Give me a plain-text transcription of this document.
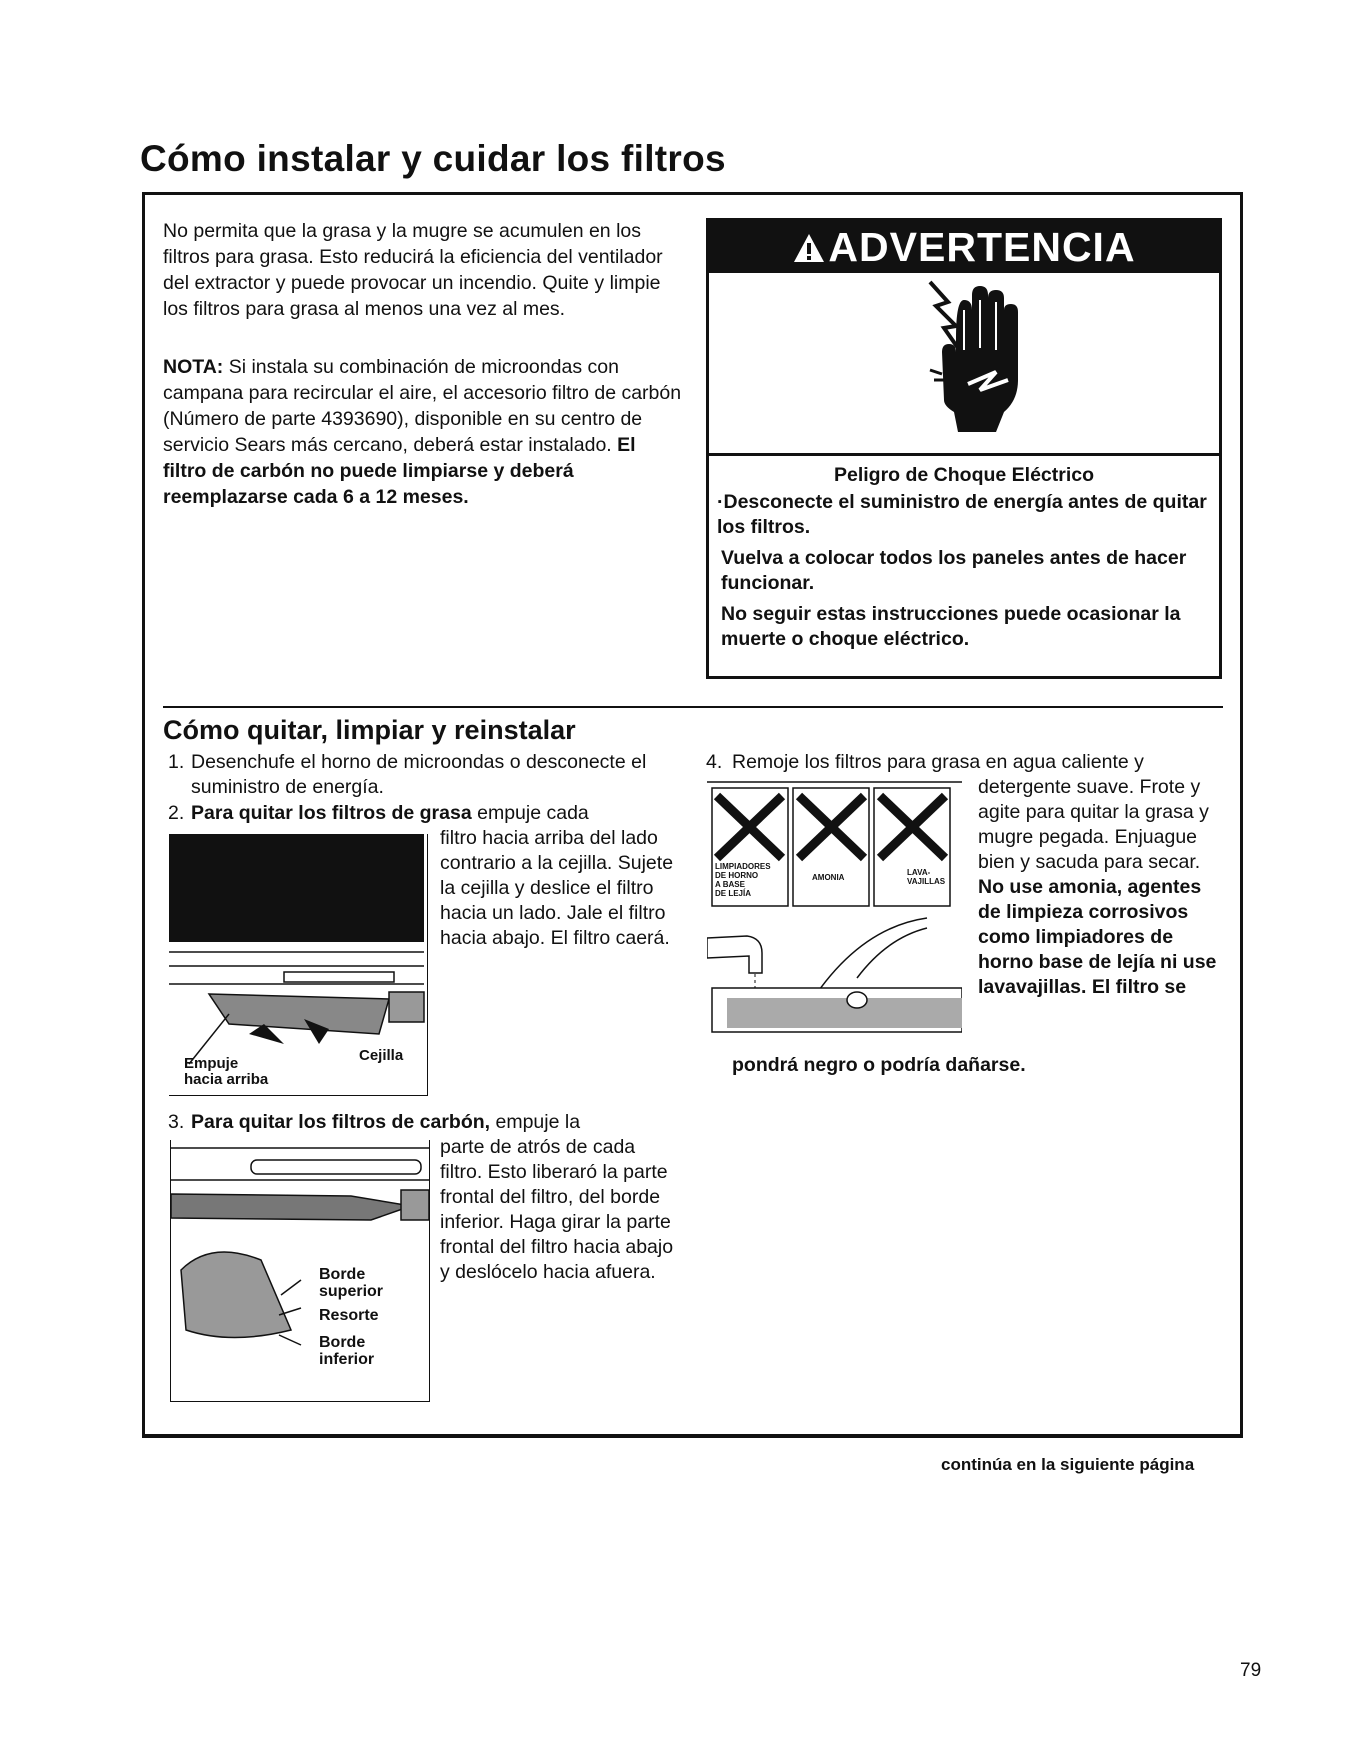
Cómo instalar y cuidar los filtros

No permita que la grasa y la mugre se acumulen en los filtros para grasa. Esto reducirá la eficiencia del ventilador del extractor y puede provocar un incendio. Quite y limpie los filtros para grasa al menos una vez al mes.

NOTA: Si instala su combinación de microondas con campana para recircular el aire, el accesorio filtro de carbón (Número de parte 4393690), disponible en su centro de servicio Sears más cercano, deberá estar instalado. El filtro de carbón no puede limpiarse y deberá reemplazarse cada 6 a 12 meses.

ADVERTENCIA
Peligro de Choque Eléctrico

·Desconecte el suministro de energía antes de quitar los filtros.

Vuelva a colocar todos los paneles antes de hacer funcionar.

No seguir estas instrucciones puede ocasionar la muerte o choque eléctrico.

Cómo quitar, limpiar y reinstalar
1. Desenchufe el horno de microondas o desconecte el suministro de energía.

2. Para quitar los filtros de grasa empuje cada

filtro hacia arriba del lado contrario a la cejilla. Sujete la cejilla y deslice el filtro hacia un lado. Jale el filtro hacia abajo. El filtro caerá.

Empuje
hacia arriba
Cejilla
3. Para quitar los filtros de carbón, empuje la

parte de atrós de cada filtro. Esto liberaró la parte frontal del filtro, del borde inferior. Haga girar la parte frontal del filtro hacia abajo y deslócelo hacia afuera.

Borde
superior
Resorte
Borde
inferior
4. Remoje los filtros para grasa en agua caliente y

LIMPIADORES
DE HORNO
A BASE
DE LEJÍA
AMONIA
LAVA-
VAJILLAS

detergente suave. Frote y agite para quitar la grasa y mugre pegada. Enjuague bien y sacuda para secar.

No use amonia, agentes de limpieza corrosivos como limpiadores de horno base de lejía ni use lavavajillas. El filtro se

pondrá negro o podría dañarse.

continúa en la siguiente página
79
